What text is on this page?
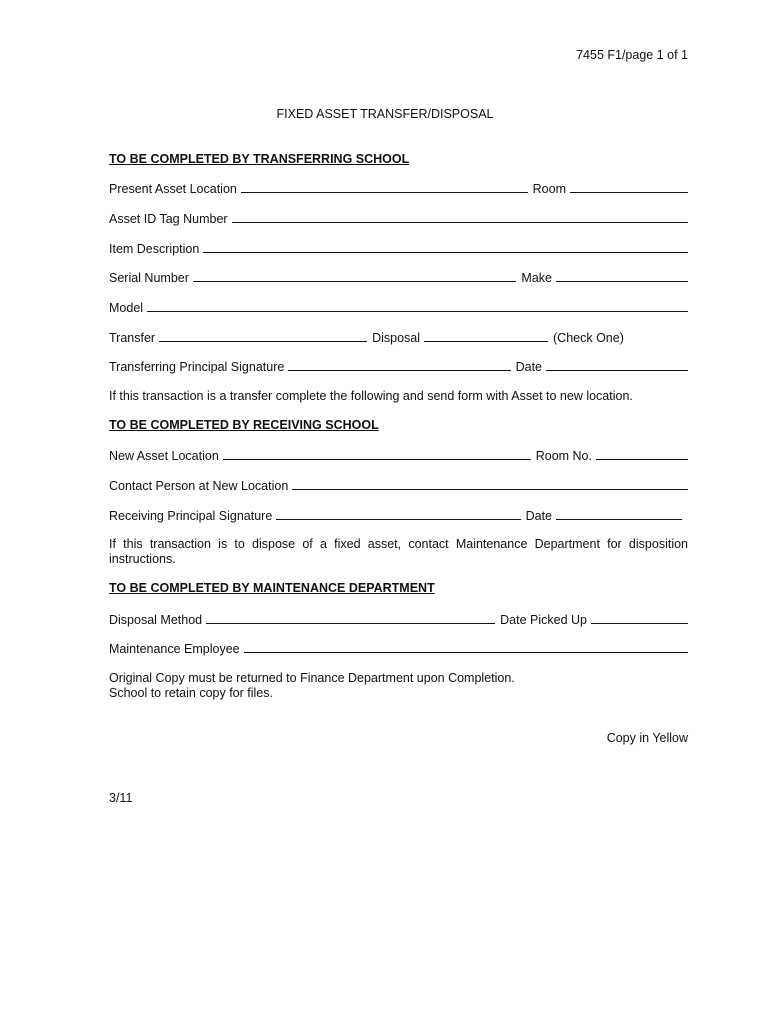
7455 F1/page 1 of 1
FIXED ASSET TRANSFER/DISPOSAL
TO BE COMPLETED BY TRANSFERRING SCHOOL
Present Asset Location	Room
Asset ID Tag Number
Item Description
Serial Number	Make
Model
Transfer	Disposal	(Check One)
Transferring Principal Signature	Date
If this transaction is a transfer complete the following and send form with Asset to new location.
TO BE COMPLETED BY RECEIVING SCHOOL
New Asset Location	Room No.
Contact Person at New Location
Receiving Principal Signature	Date
If this transaction is to dispose of a fixed asset, contact Maintenance Department for disposition instructions.
TO BE COMPLETED BY MAINTENANCE DEPARTMENT
Disposal Method	Date Picked Up
Maintenance Employee
Original Copy must be returned to Finance Department upon Completion.
School to retain copy for files.
Copy in Yellow
3/11
